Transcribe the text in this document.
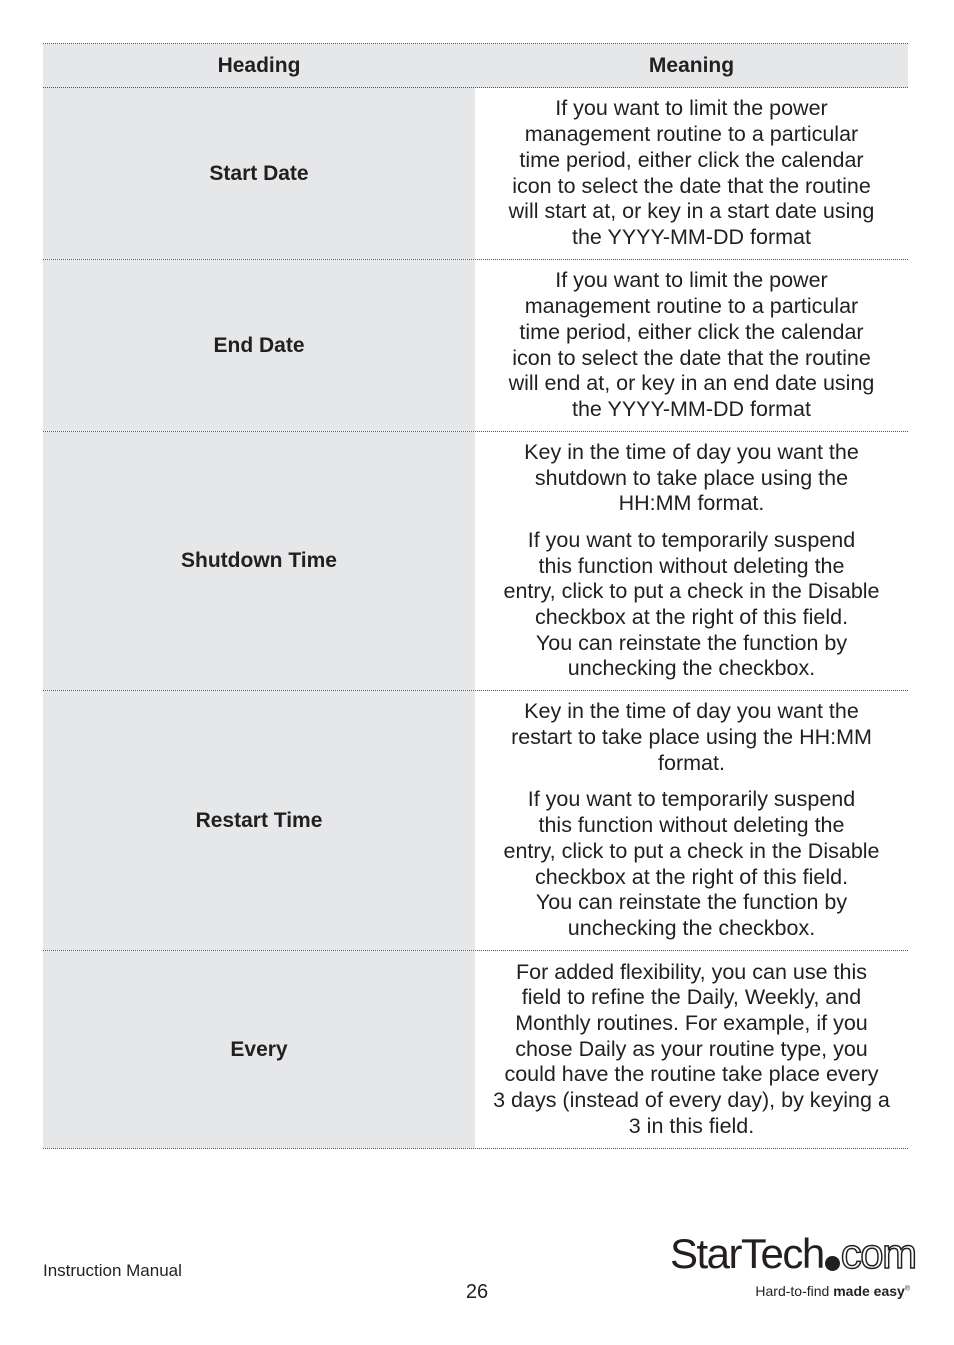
Heading	Meaning
Start Date

If you want to limit the power
management routine to a particular
time period, either click the calendar
icon to select the date that the routine
will start at, or key in a start date using
the YYYY-MM-DD format

End Date

If you want to limit the power
management routine to a particular
time period, either click the calendar
icon to select the date that the routine
will end at, or key in an end date using
the YYYY-MM-DD format

Shutdown Time

Key in the time of day you want the
shutdown to take place using the
HH:MM format.

If you want to temporarily suspend
this function without deleting the
entry, click to put a check in the Disable
checkbox at the right of this field.
You can reinstate the function by
unchecking the checkbox.

Restart Time

Key in the time of day you want the
restart to take place using the HH:MM
format.

If you want to temporarily suspend
this function without deleting the
entry, click to put a check in the Disable
checkbox at the right of this field.
You can reinstate the function by
unchecking the checkbox.

Every

For added flexibility, you can use this
field to refine the Daily, Weekly, and
Monthly routines. For example, if you
chose Daily as your routine type, you
could have the routine take place every
3 days (instead of every day), by keying a
3 in this field.

Instruction Manual
26
StarTech com
Hard-to-find made easy®
